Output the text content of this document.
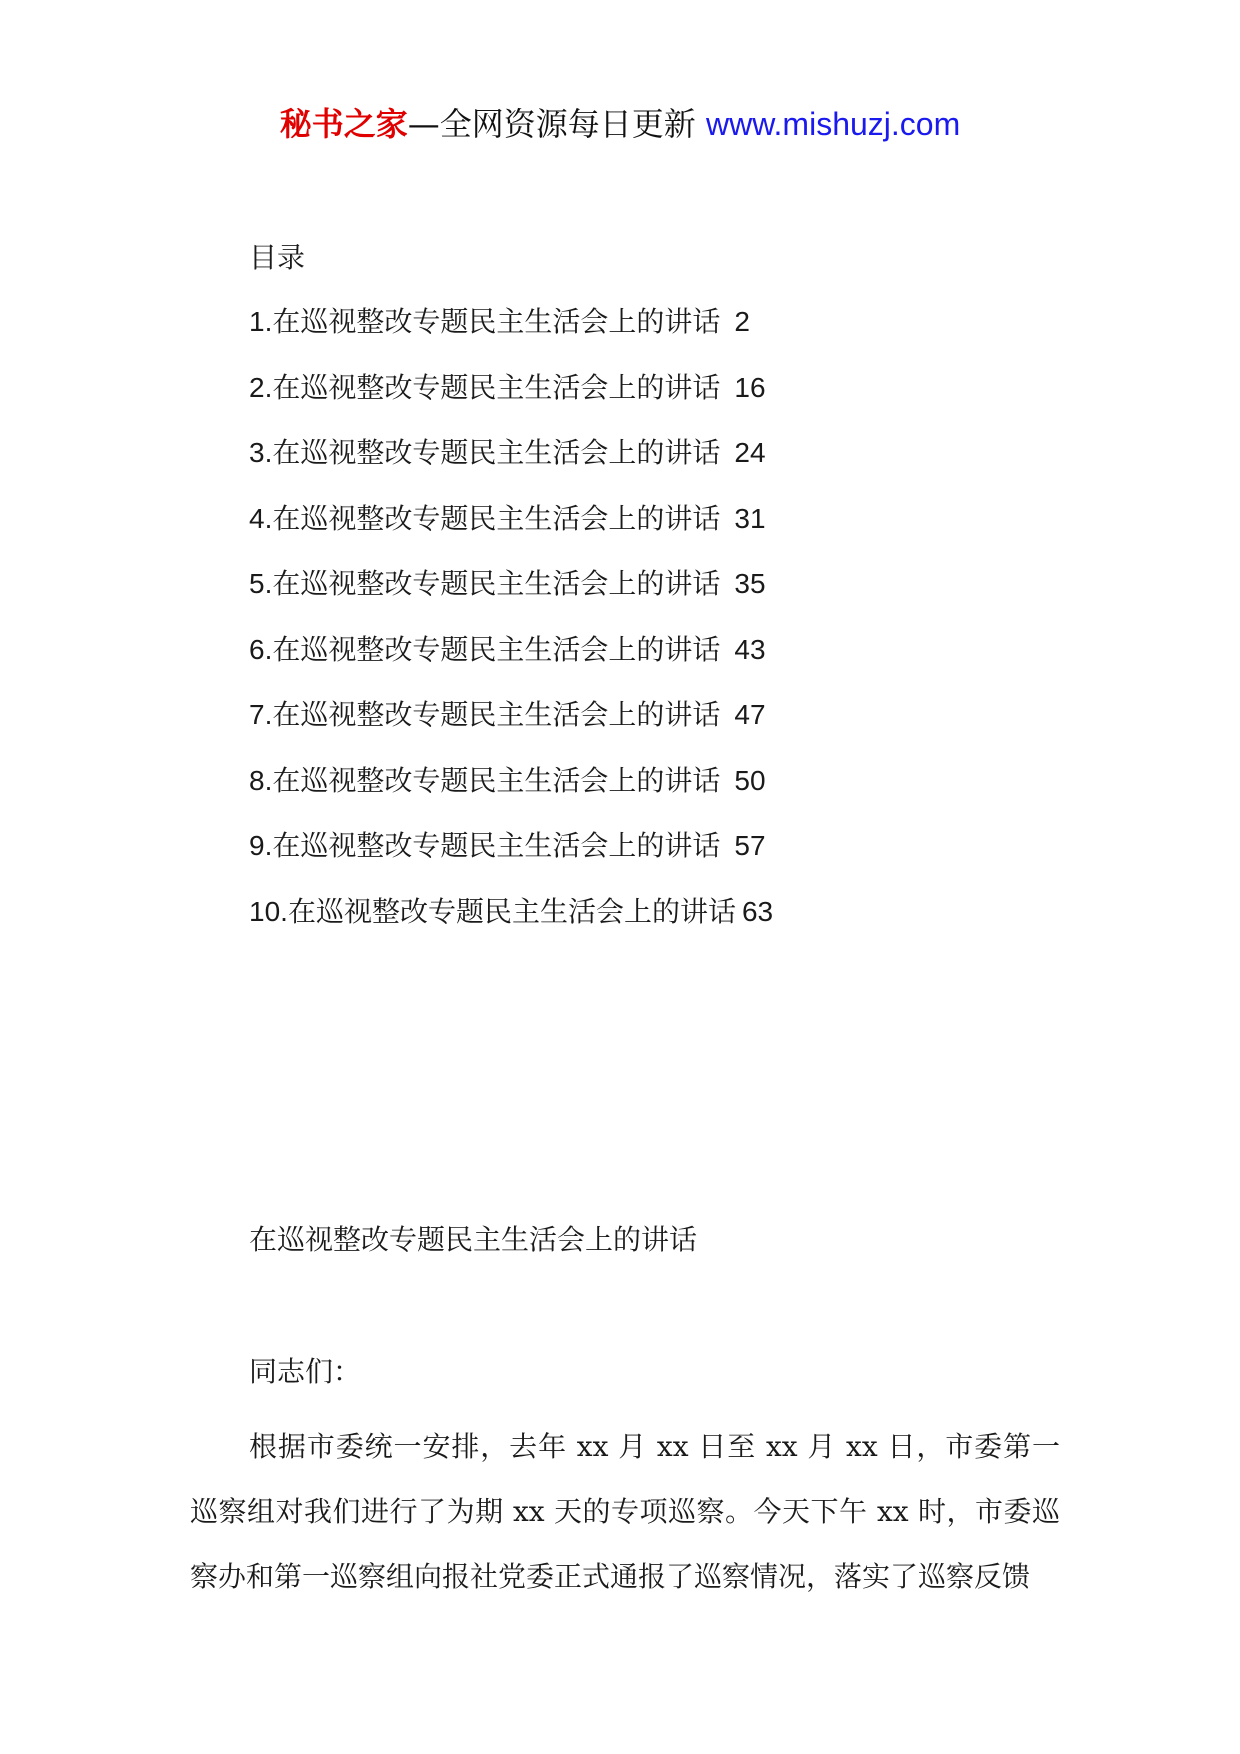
秘书之家—全网资源每日更新 www.mishuzj.com
目录
1.在巡视整改专题民主生活会上的讲话 2
2.在巡视整改专题民主生活会上的讲话 16
3.在巡视整改专题民主生活会上的讲话 24
4.在巡视整改专题民主生活会上的讲话 31
5.在巡视整改专题民主生活会上的讲话 35
6.在巡视整改专题民主生活会上的讲话 43
7.在巡视整改专题民主生活会上的讲话 47
8.在巡视整改专题民主生活会上的讲话 50
9.在巡视整改专题民主生活会上的讲话 57
10.在巡视整改专题民主生活会上的讲话 63
在巡视整改专题民主生活会上的讲话
同志们：

根据市委统一安排，去年 xx 月 xx 日至 xx 月 xx 日，市委第一巡察组对我们进行了为期 xx 天的专项巡察。今天下午 xx 时，市委巡察办和第一巡察组向报社党委正式通报了巡察情况，落实了巡察反馈
